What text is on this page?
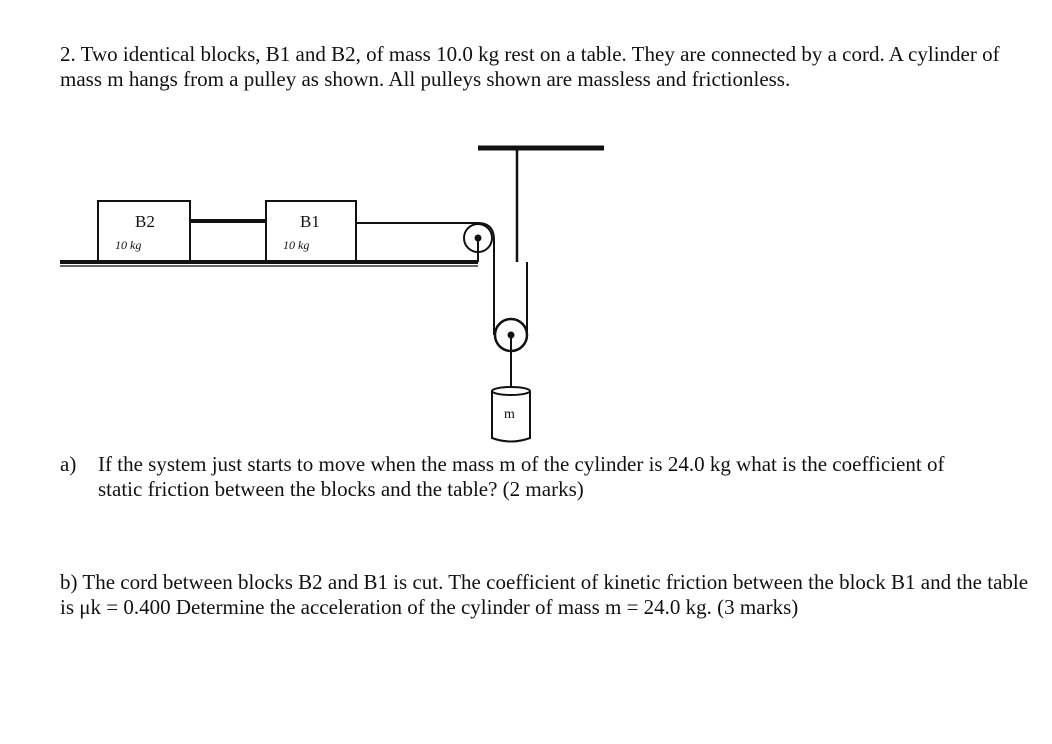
2. Two identical blocks, B1 and B2, of mass 10.0 kg rest on a table. They are connected by a cord. A cylinder of mass m hangs from a pulley as shown. All pulleys shown are massless and frictionless.

B2
10 kg
B1
10 kg
m
a) If the system just starts to move when the mass m of the cylinder is 24.0 kg what is the coefficient of static friction between the blocks and the table? (2 marks)

b) The cord between blocks B2 and B1 is cut. The coefficient of kinetic friction between the block B1 and the table is μk = 0.400 Determine the acceleration of the cylinder of mass m = 24.0 kg. (3 marks)
